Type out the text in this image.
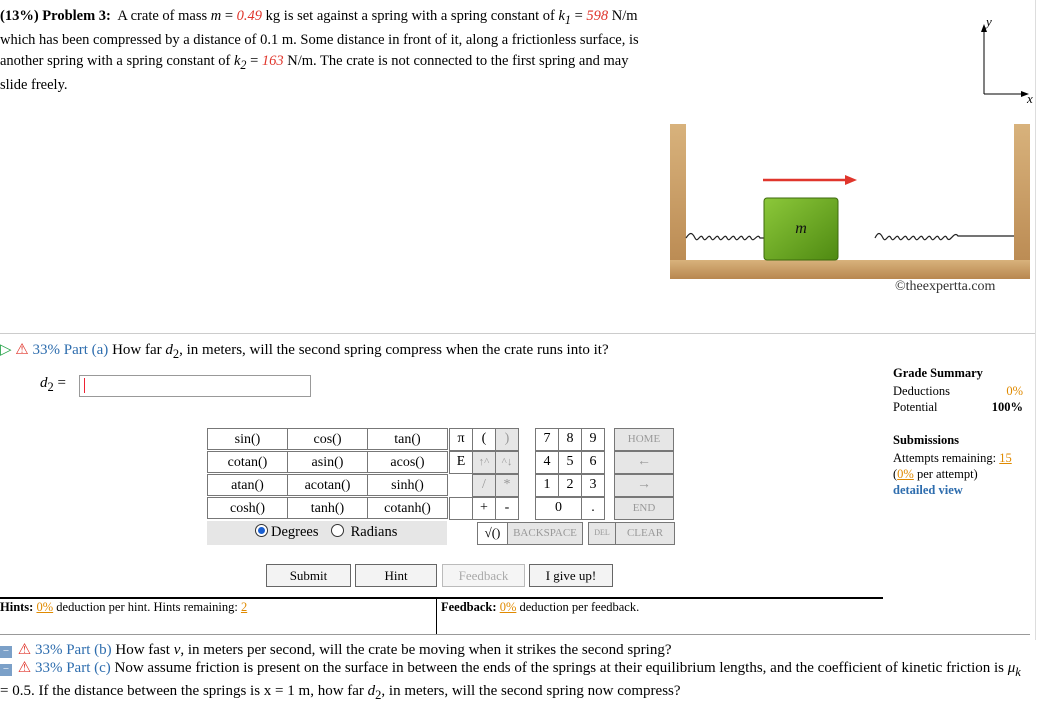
(13%) Problem 3: A crate of mass m = 0.49 kg is set against a spring with a spring constant of $k_1 = 598$ N/m which has been compressed by a distance of 0.1 m. Some distance in front of it, along a frictionless surface, is another spring with a spring constant of $k_2 = 163$ N/m. The crate is not connected to the first spring and may slide freely.
y
x
m
©theexpertta.com
▷ ⚠ 33% Part (a) How far $d_2$, in meters, will the second spring compress when the crate runs into it?
$d_2$ =
Grade Summary
Deductions	0%
Potential	100%
Submissions
Attempts remaining: 15
(0% per attempt)
detailed view
sin()	cos()	tan()
cotan()	asin()	acos()
atan()	acotan()	sinh()
cosh()	tanh()	cotanh()
Degrees	Radians
π	(	)	7	8	9	HOME
E	↑^	^↓	4	5	6	←
/	*	1	2	3	→
+	-	0	.	END
√()	BACKSPACE	DEL	CLEAR
Submit	Hint	Feedback	I give up!
Hints: 0% deduction per hint. Hints remaining: 2	Feedback: 0% deduction per feedback.
− ⚠ 33% Part (b) How fast v, in meters per second, will the crate be moving when it strikes the second spring?
− ⚠ 33% Part (c) Now assume friction is present on the surface in between the ends of the springs at their equilibrium lengths, and the coefficient of kinetic friction is $\mu_k = 0.5$. If the distance between the springs is x = 1 m, how far $d_2$, in meters, will the second spring now compress?
